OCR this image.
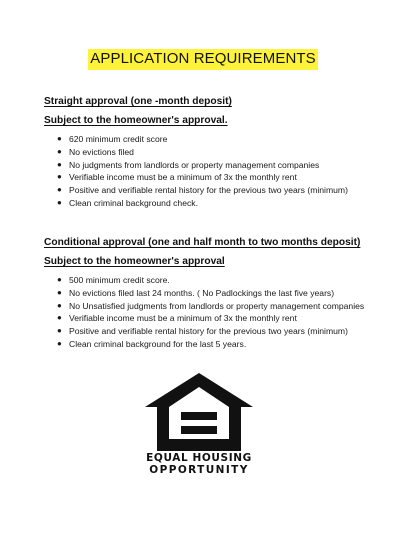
APPLICATION REQUIREMENTS
Straight approval (one -month deposit)
Subject to the homeowner's approval.
● 620 minimum credit score
● No evictions filed
● No judgments from landlords or property management companies
● Verifiable income must be a minimum of 3x the monthly rent
● Positive and verifiable rental history for the previous two years (minimum)
● Clean criminal background check.
Conditional approval (one and half month to two months deposit)
Subject to the homeowner's approval
● 500 minimum credit score.
● No evictions filed last 24 months. ( No Padlockings the last five years)
● No Unsatisfied judgments from landlords or property management companies
● Verifiable income must be a minimum of 3x the monthly rent
● Positive and verifiable rental history for the previous two years (minimum)
● Clean criminal background for the last 5 years.
EQUAL HOUSING
OPPORTUNITY
